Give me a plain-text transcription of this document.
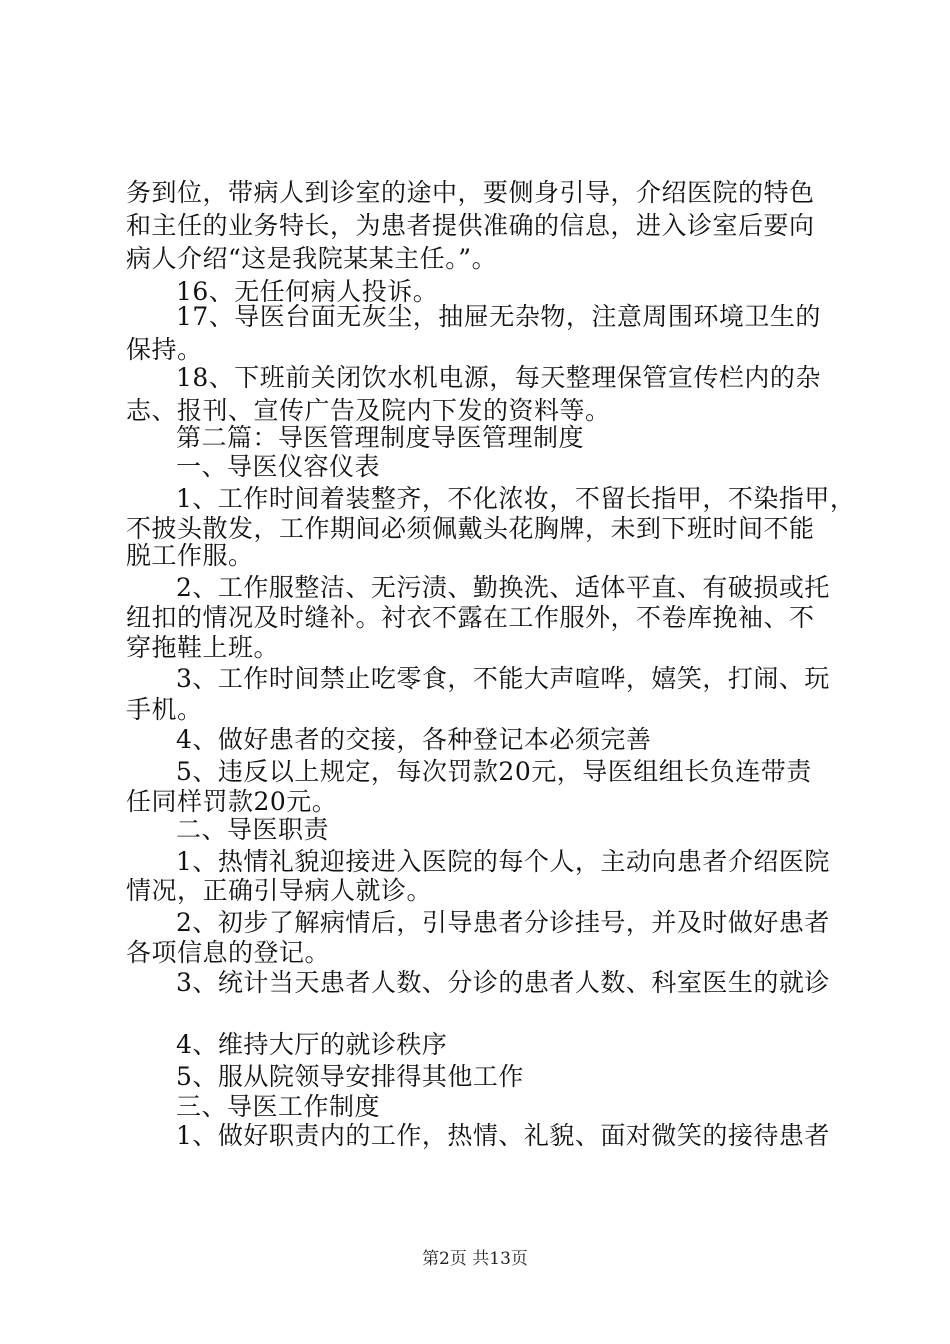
务到位，带病人到诊室的途中，要侧身引导，介绍医院的特色
和主任的业务特长，为患者提供准确的信息，进入诊室后要向
病人介绍“这是我院某某主任。”。
16、无任何病人投诉。
17、导医台面无灰尘，抽屉无杂物，注意周围环境卫生的
保持。
18、下班前关闭饮水机电源，每天整理保管宣传栏内的杂
志、报刊、宣传广告及院内下发的资料等。
第二篇：导医管理制度导医管理制度
一、导医仪容仪表
1、工作时间着装整齐，不化浓妆，不留长指甲，不染指甲，
不披头散发，工作期间必须佩戴头花胸牌，未到下班时间不能
脱工作服。
2、工作服整洁、无污渍、勤换洗、适体平直、有破损或托
纽扣的情况及时缝补。衬衣不露在工作服外，不卷库挽袖、不
穿拖鞋上班。
3、工作时间禁止吃零食，不能大声喧哗，嬉笑，打闹、玩
手机。
4、做好患者的交接，各种登记本必须完善
5、违反以上规定，每次罚款20元，导医组组长负连带责
任同样罚款20元。
二、导医职责
1、热情礼貌迎接进入医院的每个人，主动向患者介绍医院
情况，正确引导病人就诊。
2、初步了解病情后，引导患者分诊挂号，并及时做好患者
各项信息的登记。
3、统计当天患者人数、分诊的患者人数、科室医生的就诊
4、维持大厅的就诊秩序
5、服从院领导安排得其他工作
三、导医工作制度
1、做好职责内的工作，热情、礼貌、面对微笑的接待患者
第2页 共13页
